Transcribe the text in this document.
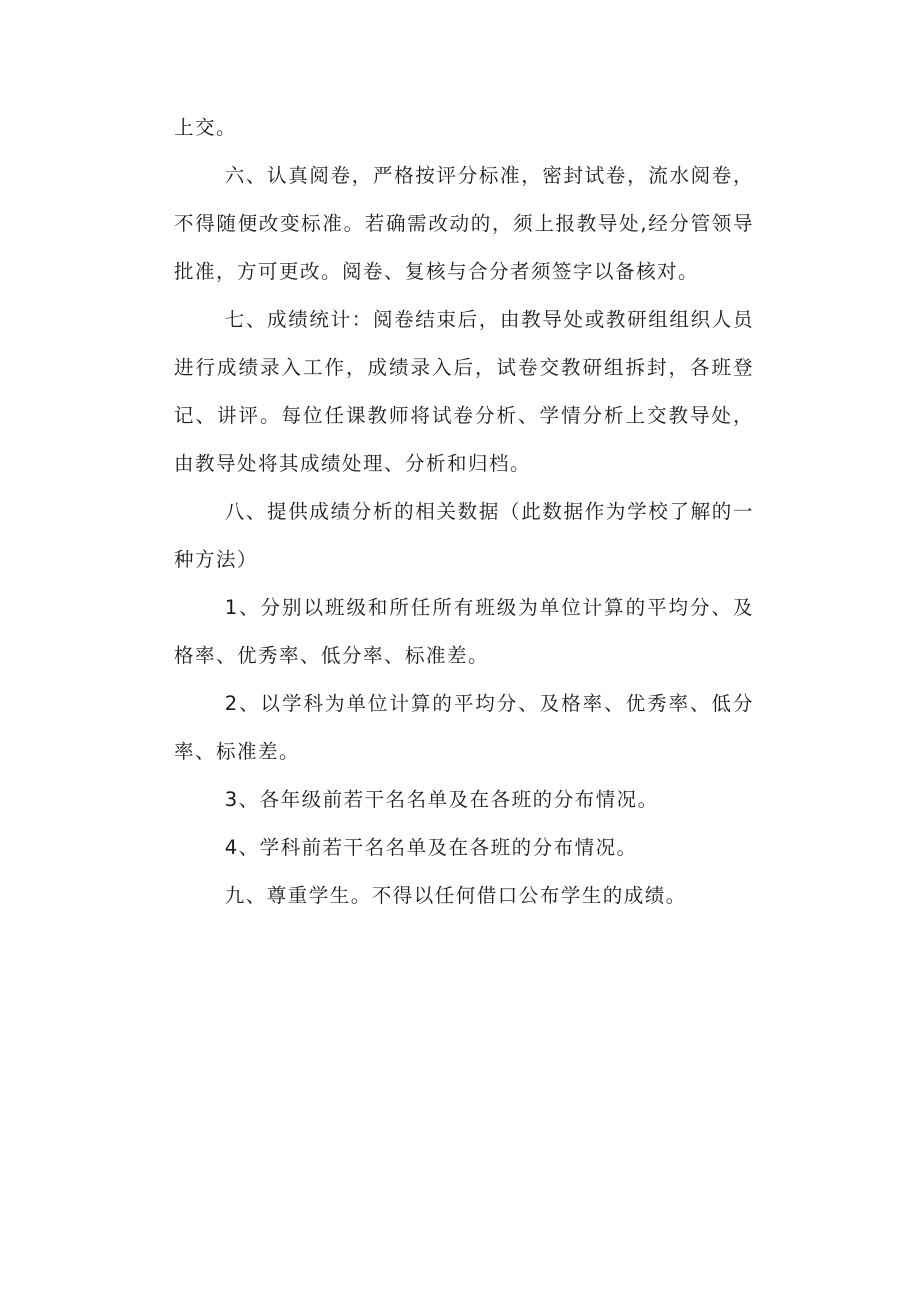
上交。

六、认真阅卷，严格按评分标准，密封试卷，流水阅卷，不得随便改变标准。若确需改动的，须上报教导处,经分管领导批准，方可更改。阅卷、复核与合分者须签字以备核对。

七、成绩统计：阅卷结束后，由教导处或教研组组织人员进行成绩录入工作，成绩录入后，试卷交教研组拆封，各班登记、讲评。每位任课教师将试卷分析、学情分析上交教导处，由教导处将其成绩处理、分析和归档。

八、提供成绩分析的相关数据（此数据作为学校了解的一种方法）

1、分别以班级和所任所有班级为单位计算的平均分、及格率、优秀率、低分率、标准差。

2、以学科为单位计算的平均分、及格率、优秀率、低分率、标准差。

3、各年级前若干名名单及在各班的分布情况。

4、学科前若干名名单及在各班的分布情况。

九、尊重学生。不得以任何借口公布学生的成绩。
